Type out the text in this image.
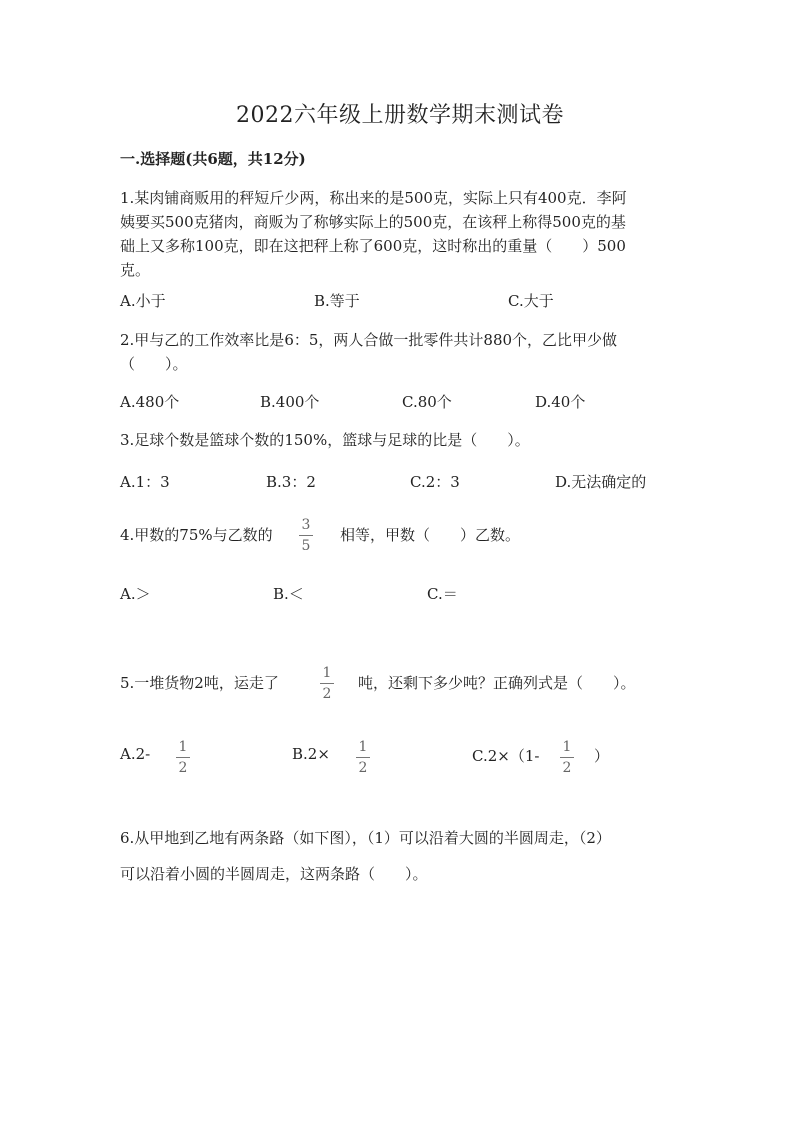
2022六年级上册数学期末测试卷
一.选择题(共6题，共12分)
1.某肉铺商贩用的秤短斤少两，称出来的是500克，实际上只有400克．李阿
姨要买500克猪肉，商贩为了称够实际上的500克，在该秤上称得500克的基
础上又多称100克，即在这把秤上称了600克，这时称出的重量（　　）500
克。
A.小于	B.等于	C.大于
2.甲与乙的工作效率比是6：5，两人合做一批零件共计880个，乙比甲少做
（　　）。
A.480个	B.400个	C.80个	D.40个
3.足球个数是篮球个数的150%，篮球与足球的比是（　　）。
A.1：3	B.3：2	C.2：3	D.无法确定的
4.甲数的75%与乙数的
3
5
相等，甲数（　　）乙数。
A.＞	B.＜	C.＝
5.一堆货物2吨，运走了
1
2
吨，还剩下多少吨？正确列式是（　　）。
A.2- 1
2
B.2× 1
2
C.2×（1- 1
2
）
6.从甲地到乙地有两条路（如下图），（1）可以沿着大圆的半圆周走，（2）
可以沿着小圆的半圆周走，这两条路（　　）。
